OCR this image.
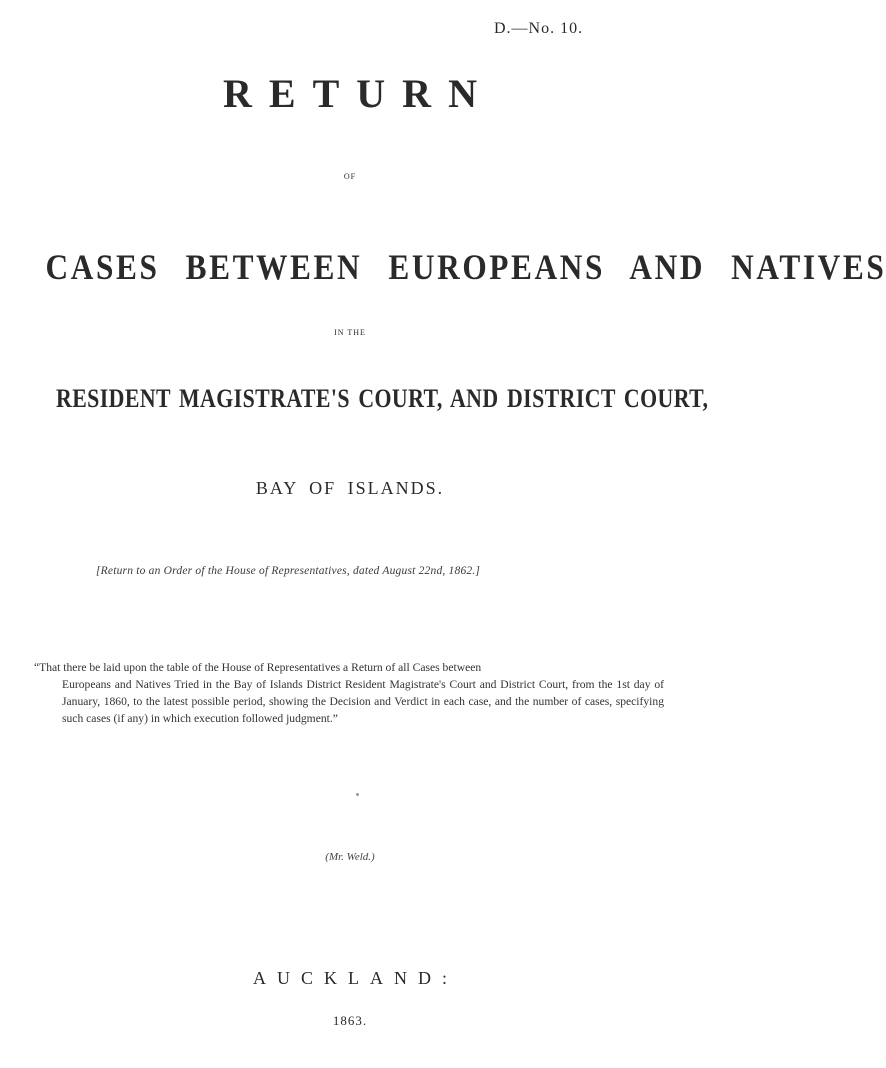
D.—No. 10.
RETURN
OF
CASES BETWEEN EUROPEANS AND NATIVES
IN THE
RESIDENT MAGISTRATE'S COURT, AND DISTRICT COURT,
BAY OF ISLANDS.
[Return to an Order of the House of Representatives, dated August 22nd, 1862.]
“That there be laid upon the table of the House of Representatives a Return of all Cases between
Europeans and Natives Tried in the Bay of Islands District Resident Magistrate's Court and District Court, from the 1st day of January, 1860, to the latest possible period, showing the Decision and Verdict in each case, and the number of cases, specifying such cases (if any) in which execution followed judgment.”
(Mr. Weld.)
AUCKLAND:
1863.
